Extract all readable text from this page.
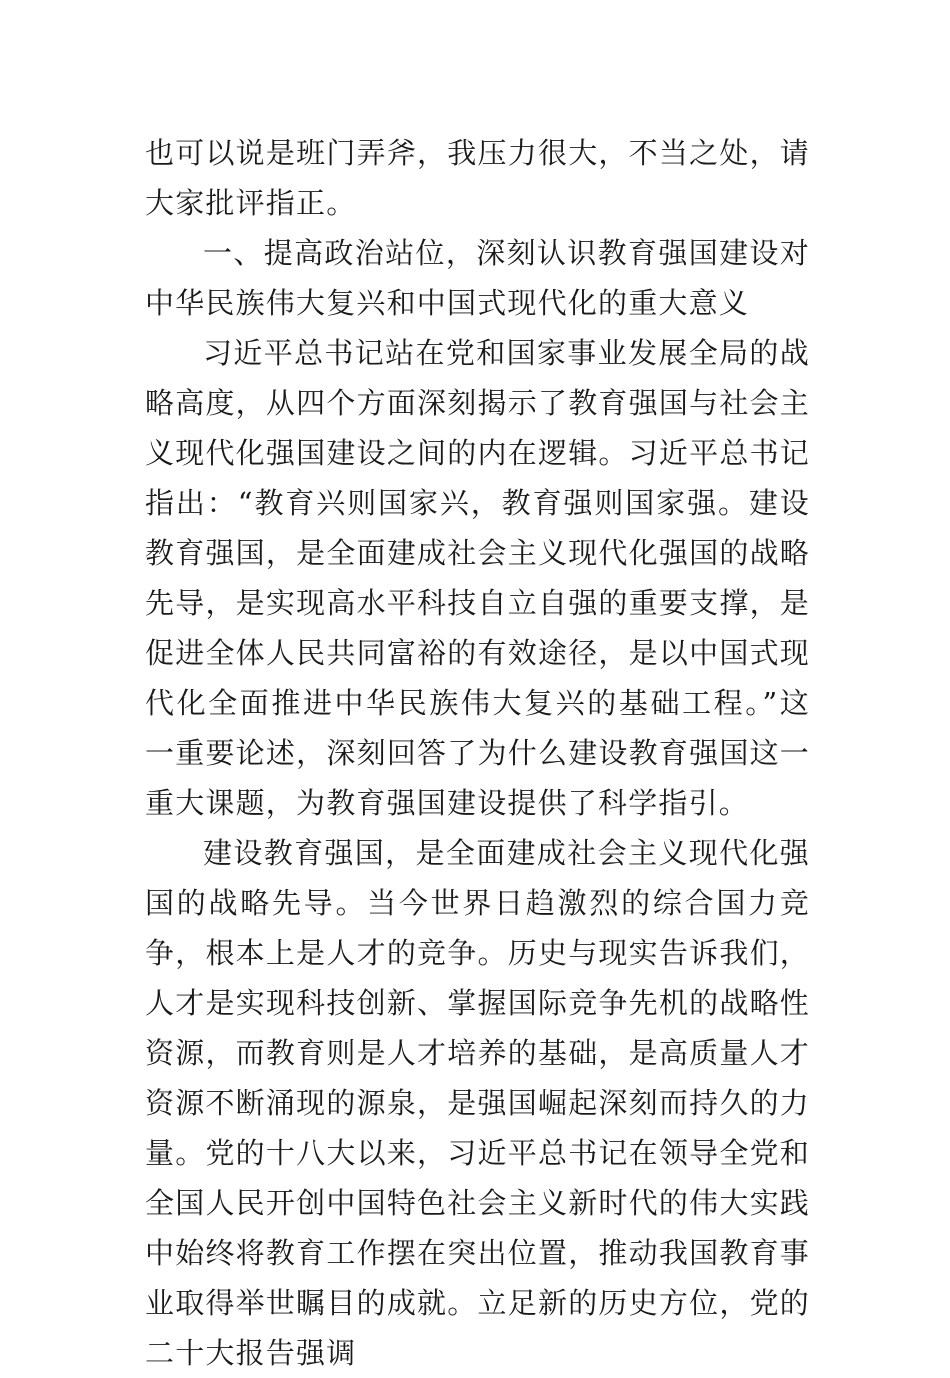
也可以说是班门弄斧，我压力很大，不当之处，请大家批评指正。

一、提高政治站位，深刻认识教育强国建设对中华民族伟大复兴和中国式现代化的重大意义

习近平总书记站在党和国家事业发展全局的战略高度，从四个方面深刻揭示了教育强国与社会主义现代化强国建设之间的内在逻辑。习近平总书记指出：“教育兴则国家兴，教育强则国家强。建设教育强国，是全面建成社会主义现代化强国的战略先导，是实现高水平科技自立自强的重要支撑，是促进全体人民共同富裕的有效途径，是以中国式现代化全面推进中华民族伟大复兴的基础工程。”这一重要论述，深刻回答了为什么建设教育强国这一重大课题，为教育强国建设提供了科学指引。

建设教育强国，是全面建成社会主义现代化强国的战略先导。当今世界日趋激烈的综合国力竞争，根本上是人才的竞争。历史与现实告诉我们，人才是实现科技创新、掌握国际竞争先机的战略性资源，而教育则是人才培养的基础，是高质量人才资源不断涌现的源泉，是强国崛起深刻而持久的力量。党的十八大以来，习近平总书记在领导全党和全国人民开创中国特色社会主义新时代的伟大实践中始终将教育工作摆在突出位置，推动我国教育事业取得举世瞩目的成就。立足新的历史方位，党的二十大报告强调
